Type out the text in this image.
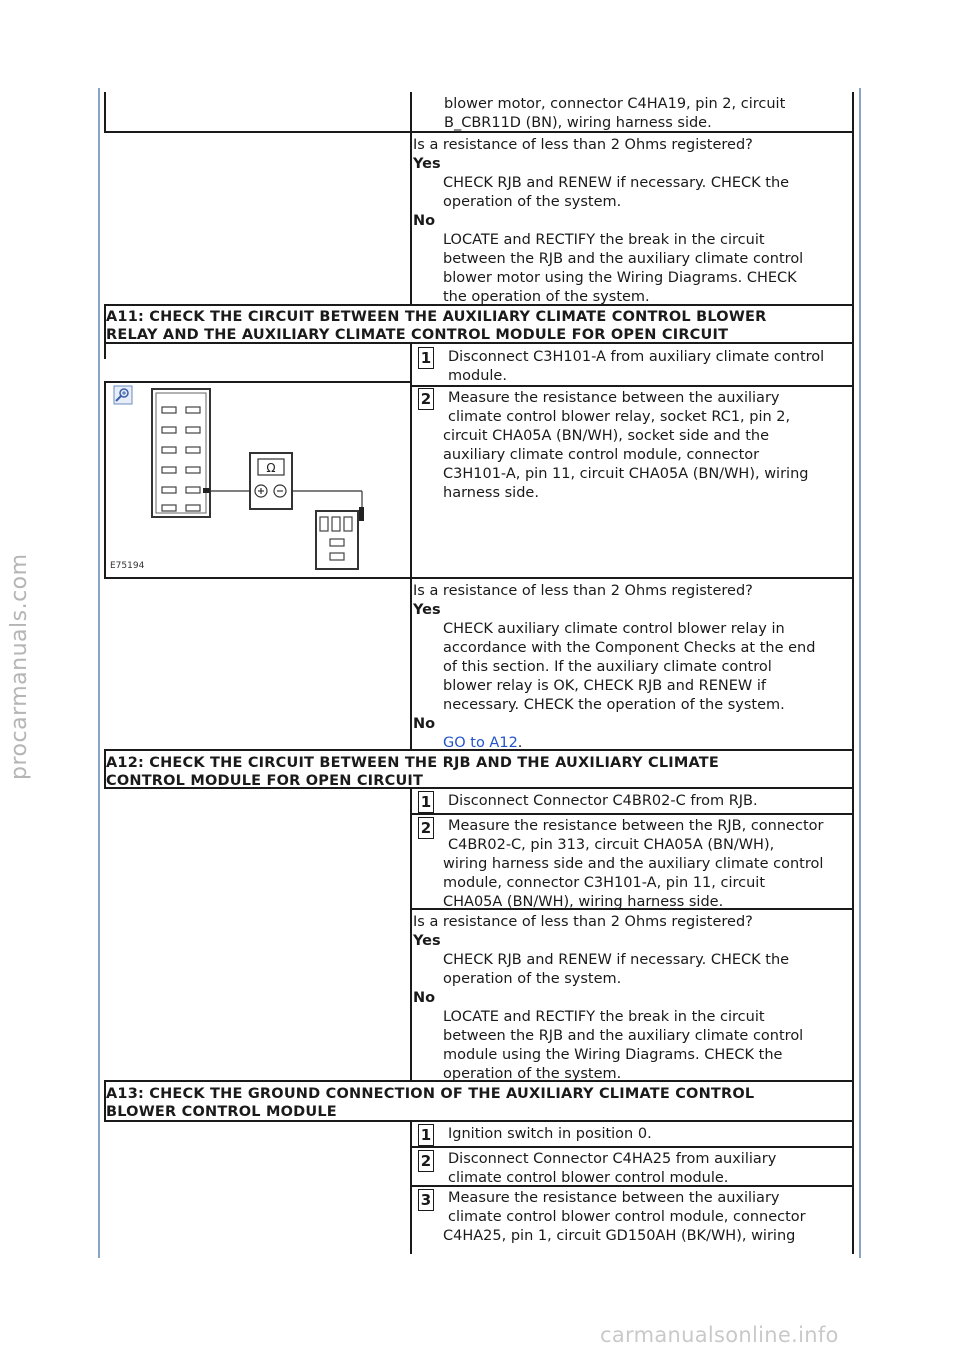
blower motor, connector C4HA19, pin 2, circuit
B_CBR11D (BN), wiring harness side.
Is a resistance of less than 2 Ohms registered?
Yes
CHECK RJB and RENEW if necessary. CHECK the
operation of the system.
No
LOCATE and RECTIFY the break in the circuit
between the RJB and the auxiliary climate control
blower motor using the Wiring Diagrams. CHECK
the operation of the system.
A11: CHECK THE CIRCUIT BETWEEN THE AUXILIARY CLIMATE CONTROL BLOWER
RELAY AND THE AUXILIARY CLIMATE CONTROL MODULE FOR OPEN CIRCUIT
1 Disconnect C3H101-A from auxiliary climate control
module.
2 Measure the resistance between the auxiliary
climate control blower relay, socket RC1, pin 2,
circuit CHA05A (BN/WH), socket side and the
auxiliary climate control module, connector
C3H101-A, pin 11, circuit CHA05A (BN/WH), wiring
harness side.
Ω
E75194
Is a resistance of less than 2 Ohms registered?
Yes
CHECK auxiliary climate control blower relay in
accordance with the Component Checks at the end
of this section. If the auxiliary climate control
blower relay is OK, CHECK RJB and RENEW if
necessary. CHECK the operation of the system.
No
GO to A12.
A12: CHECK THE CIRCUIT BETWEEN THE RJB AND THE AUXILIARY CLIMATE
CONTROL MODULE FOR OPEN CIRCUIT
1 Disconnect Connector C4BR02-C from RJB.
2 Measure the resistance between the RJB, connector
C4BR02-C, pin 313, circuit CHA05A (BN/WH),
wiring harness side and the auxiliary climate control
module, connector C3H101-A, pin 11, circuit
CHA05A (BN/WH), wiring harness side.
Is a resistance of less than 2 Ohms registered?
Yes
CHECK RJB and RENEW if necessary. CHECK the
operation of the system.
No
LOCATE and RECTIFY the break in the circuit
between the RJB and the auxiliary climate control
module using the Wiring Diagrams. CHECK the
operation of the system.
A13: CHECK THE GROUND CONNECTION OF THE AUXILIARY CLIMATE CONTROL
BLOWER CONTROL MODULE
1 Ignition switch in position 0.
2 Disconnect Connector C4HA25 from auxiliary
climate control blower control module.
3 Measure the resistance between the auxiliary
climate control blower control module, connector
C4HA25, pin 1, circuit GD150AH (BK/WH), wiring
procarmanuals.com
carmanualsonline.info
